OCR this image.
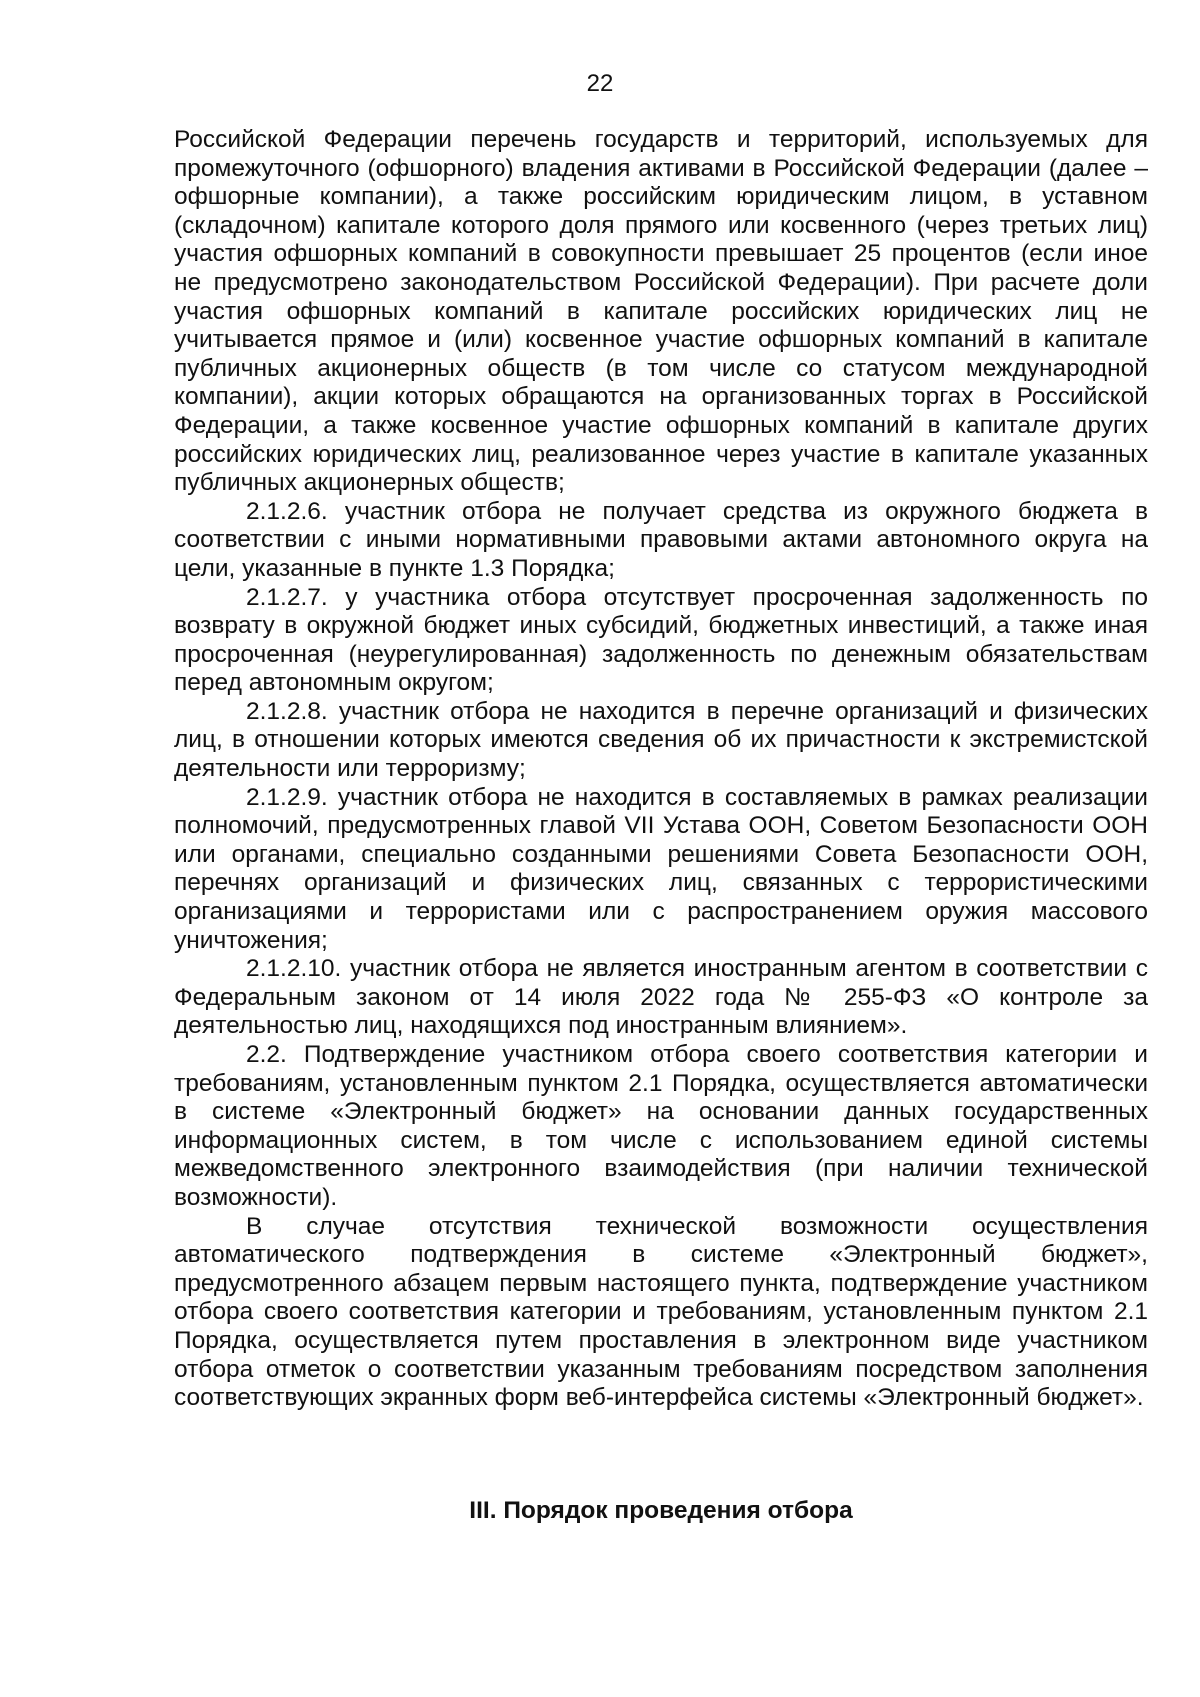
22

Российской Федерации перечень государств и территорий, используемых для промежуточного (офшорного) владения активами в Российской Федерации (далее – офшорные компании), а также российским юридическим лицом, в уставном (складочном) капитале которого доля прямого или косвенного (через третьих лиц) участия офшорных компаний в совокупности превышает 25 процентов (если иное не предусмотрено законодательством Российской Федерации). При расчете доли участия офшорных компаний в капитале российских юридических лиц не учитывается прямое и (или) косвенное участие офшорных компаний в капитале публичных акционерных обществ (в том числе со статусом международной компании), акции которых обращаются на организованных торгах в Российской Федерации, а также косвенное участие офшорных компаний в капитале других российских юридических лиц, реализованное через участие в капитале указанных публичных акционерных обществ;

2.1.2.6. участник отбора не получает средства из окружного бюджета в соответствии с иными нормативными правовыми актами автономного округа на цели, указанные в пункте 1.3 Порядка;

2.1.2.7. у участника отбора отсутствует просроченная задолженность по возврату в окружной бюджет иных субсидий, бюджетных инвестиций, а также иная просроченная (неурегулированная) задолженность по денежным обязательствам перед автономным округом;

2.1.2.8. участник отбора не находится в перечне организаций и физических лиц, в отношении которых имеются сведения об их причастности к экстремистской деятельности или терроризму;

2.1.2.9. участник отбора не находится в составляемых в рамках реализации полномочий, предусмотренных главой VII Устава ООН, Советом Безопасности ООН или органами, специально созданными решениями Совета Безопасности ООН, перечнях организаций и физических лиц, связанных с террористическими организациями и террористами или с распространением оружия массового уничтожения;

2.1.2.10. участник отбора не является иностранным агентом в соответствии с Федеральным законом от 14 июля 2022 года № 255-ФЗ «О контроле за деятельностью лиц, находящихся под иностранным влиянием».

2.2. Подтверждение участником отбора своего соответствия категории и требованиям, установленным пунктом 2.1 Порядка, осуществляется автоматически в системе «Электронный бюджет» на основании данных государственных информационных систем, в том числе с использованием единой системы межведомственного электронного взаимодействия (при наличии технической возможности).

В случае отсутствия технической возможности осуществления автоматического подтверждения в системе «Электронный бюджет», предусмотренного абзацем первым настоящего пункта, подтверждение участником отбора своего соответствия категории и требованиям, установленным пунктом 2.1 Порядка, осуществляется путем проставления в электронном виде участником отбора отметок о соответствии указанным требованиям посредством заполнения соответствующих экранных форм веб-интерфейса системы «Электронный бюджет».

III. Порядок проведения отбора
